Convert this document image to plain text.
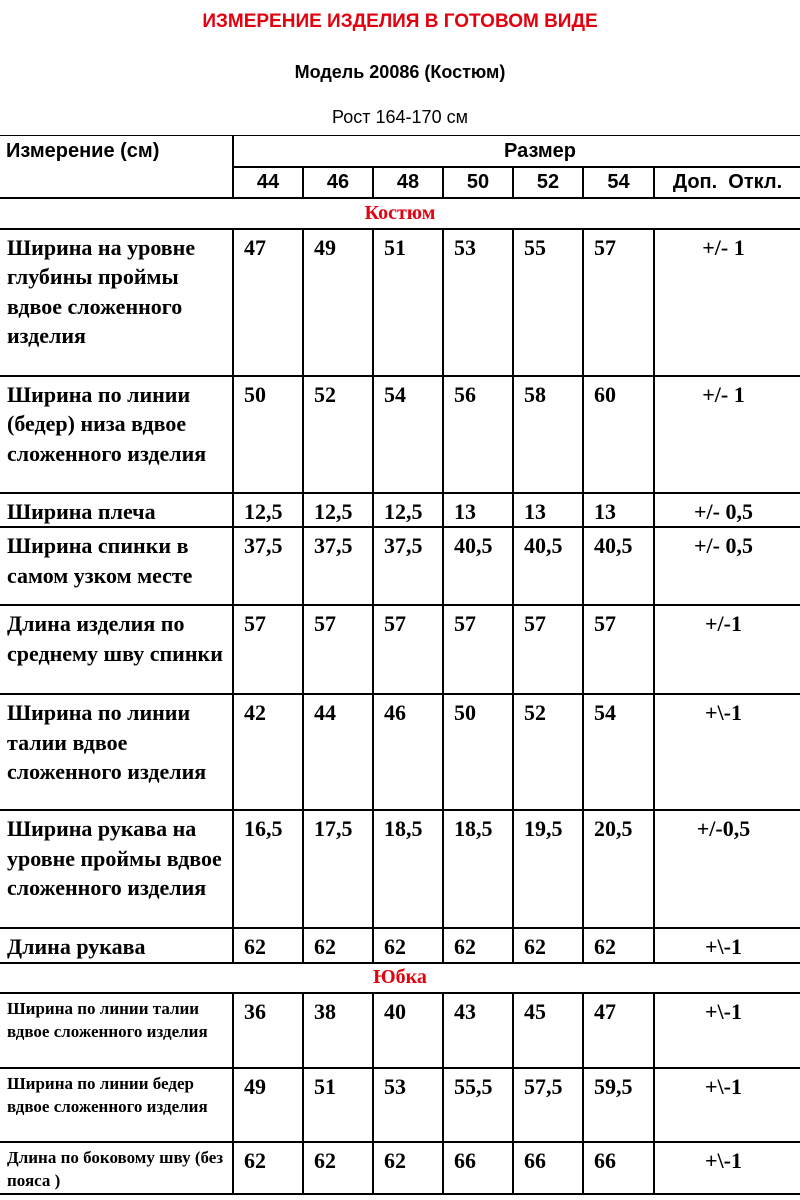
ИЗМЕРЕНИЕ ИЗДЕЛИЯ В ГОТОВОМ ВИДЕ
Модель 20086 (Костюм)
Рост 164-170 см
Измерение (см)	Размер						
	44	46	48	50	52	54	Доп.  Откл.
Костюм							
Ширина на уровне глубины проймы вдвое сложенного изделия	47	49	51	53	55	57	+/- 1
Ширина по линии (бедер) низа вдвое сложенного изделия	50	52	54	56	58	60	+/- 1
Ширина плеча	12,5	12,5	12,5	13	13	13	+/- 0,5
Ширина спинки в самом узком месте	37,5	37,5	37,5	40,5	40,5	40,5	+/- 0,5
Длина изделия по среднему шву спинки	57	57	57	57	57	57	+/-1
Ширина по линии талии вдвое сложенного изделия	42	44	46	50	52	54	+\-1
Ширина рукава на уровне проймы вдвое сложенного изделия	16,5	17,5	18,5	18,5	19,5	20,5	+/-0,5
Длина рукава	62	62	62	62	62	62	+\-1
Юбка							
Ширина по линии талии вдвое сложенного изделия	36	38	40	43	45	47	+\-1
Ширина по линии бедер вдвое сложенного изделия	49	51	53	55,5	57,5	59,5	+\-1
Длина по боковому шву (без пояса )	62	62	62	66	66	66	+\-1
